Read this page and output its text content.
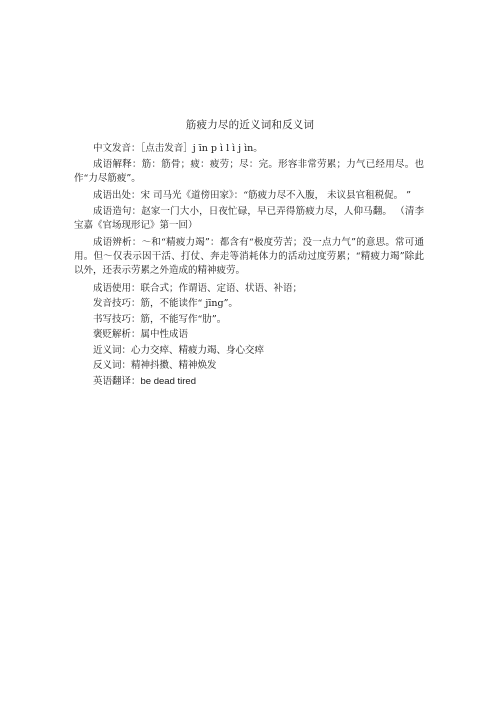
筋疲力尽的近义词和反义词

中文发音：［点击发音］j īn p ì l ì j ìn。

成语解释：筋：筋骨；疲：疲劳；尽：完。形容非常劳累；力气已经用尽。也作“力尽筋疲”。

成语出处：宋 司马光《道傍田家》：“筋疲力尽不入腹， 未议县官租税促。 ”

成语造句：赵家一门大小，日夜忙碌，早已弄得筋疲力尽，人仰马翻。 （清李宝嘉《官场现形记》第一回）

成语辨析：～和“精疲力竭”：都含有“极度劳苦；没一点力气”的意思。常可通用。但～仅表示因干活、打仗、奔走等消耗体力的活动过度劳累；“精疲力竭”除此以外，还表示劳累之外造成的精神疲劳。

成语使用：联合式；作谓语、定语、状语、补语；

发音技巧：筋，不能读作“ jīng”。

书写技巧：筋，不能写作“肋”。

褒贬解析：属中性成语

近义词：心力交瘁、精疲力竭、身心交瘁

反义词：精神抖擞、精神焕发

英语翻译：be dead tired
